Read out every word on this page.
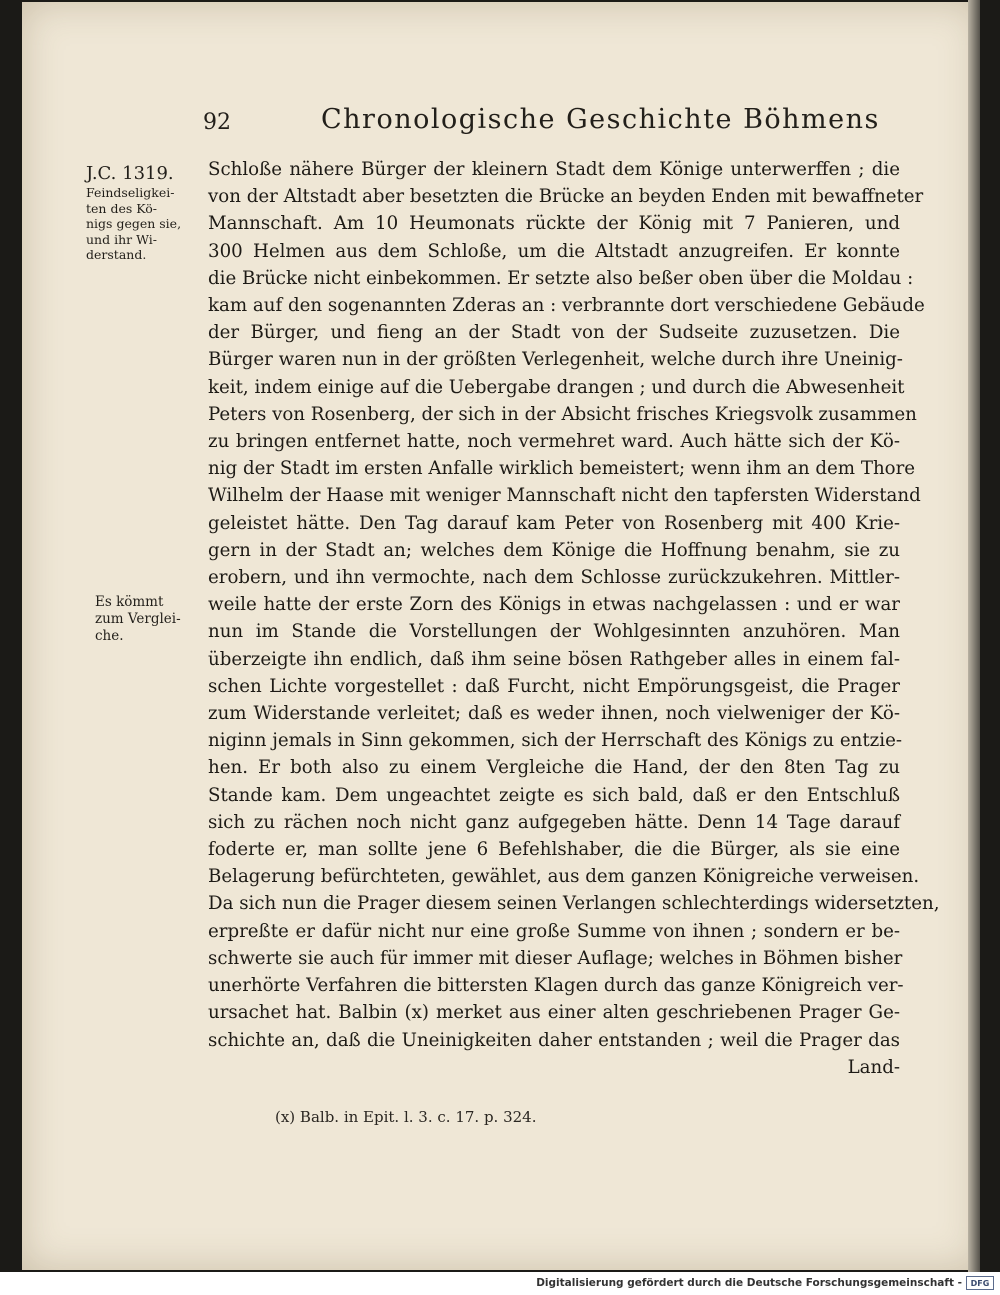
92	Chronologische Geschichte Böhmens
J.C. 1319.
Feindseligkei-
ten des Kö-
nigs gegen sie,
und ihr Wi-
derstand.
Es kömmt
zum Verglei-
che.
Schloße nähere Bürger der kleinern Stadt dem Könige unterwerffen ; die
von der Altstadt aber besetzten die Brücke an beyden Enden mit bewaffneter
Mannschaft. Am 10 Heumonats rückte der König mit 7 Panieren, und
300 Helmen aus dem Schloße, um die Altstadt anzugreifen. Er konnte
die Brücke nicht einbekommen. Er setzte also beßer oben über die Moldau :
kam auf den sogenannten Zderas an : verbrannte dort verschiedene Gebäude
der Bürger, und fieng an der Stadt von der Sudseite zuzusetzen. Die
Bürger waren nun in der größten Verlegenheit, welche durch ihre Uneinig-
keit, indem einige auf die Uebergabe drangen ; und durch die Abwesenheit
Peters von Rosenberg, der sich in der Absicht frisches Kriegsvolk zusammen
zu bringen entfernet hatte, noch vermehret ward. Auch hätte sich der Kö-
nig der Stadt im ersten Anfalle wirklich bemeistert; wenn ihm an dem Thore
Wilhelm der Haase mit weniger Mannschaft nicht den tapfersten Widerstand
geleistet hätte. Den Tag darauf kam Peter von Rosenberg mit 400 Krie-
gern in der Stadt an; welches dem Könige die Hoffnung benahm, sie zu
erobern, und ihn vermochte, nach dem Schlosse zurückzukehren. Mittler-
weile hatte der erste Zorn des Königs in etwas nachgelassen : und er war
nun im Stande die Vorstellungen der Wohlgesinnten anzuhören. Man
überzeigte ihn endlich, daß ihm seine bösen Rathgeber alles in einem fal-
schen Lichte vorgestellet : daß Furcht, nicht Empörungsgeist, die Prager
zum Widerstande verleitet; daß es weder ihnen, noch vielweniger der Kö-
niginn jemals in Sinn gekommen, sich der Herrschaft des Königs zu entzie-
hen. Er both also zu einem Vergleiche die Hand, der den 8ten Tag zu
Stande kam. Dem ungeachtet zeigte es sich bald, daß er den Entschluß
sich zu rächen noch nicht ganz aufgegeben hätte. Denn 14 Tage darauf
foderte er, man sollte jene 6 Befehlshaber, die die Bürger, als sie eine
Belagerung befürchteten, gewählet, aus dem ganzen Königreiche verweisen.
Da sich nun die Prager diesem seinen Verlangen schlechterdings widersetzten,
erpreßte er dafür nicht nur eine große Summe von ihnen ; sondern er be-
schwerte sie auch für immer mit dieser Auflage; welches in Böhmen bisher
unerhörte Verfahren die bittersten Klagen durch das ganze Königreich ver-
ursachet hat. Balbin (x) merket aus einer alten geschriebenen Prager Ge-
schichte an, daß die Uneinigkeiten daher entstanden ; weil die Prager das
Land-
(x) Balb. in Epit. l. 3. c. 17. p. 324.
Digitalisierung gefördert durch die Deutsche Forschungsgemeinschaft -	DFG
